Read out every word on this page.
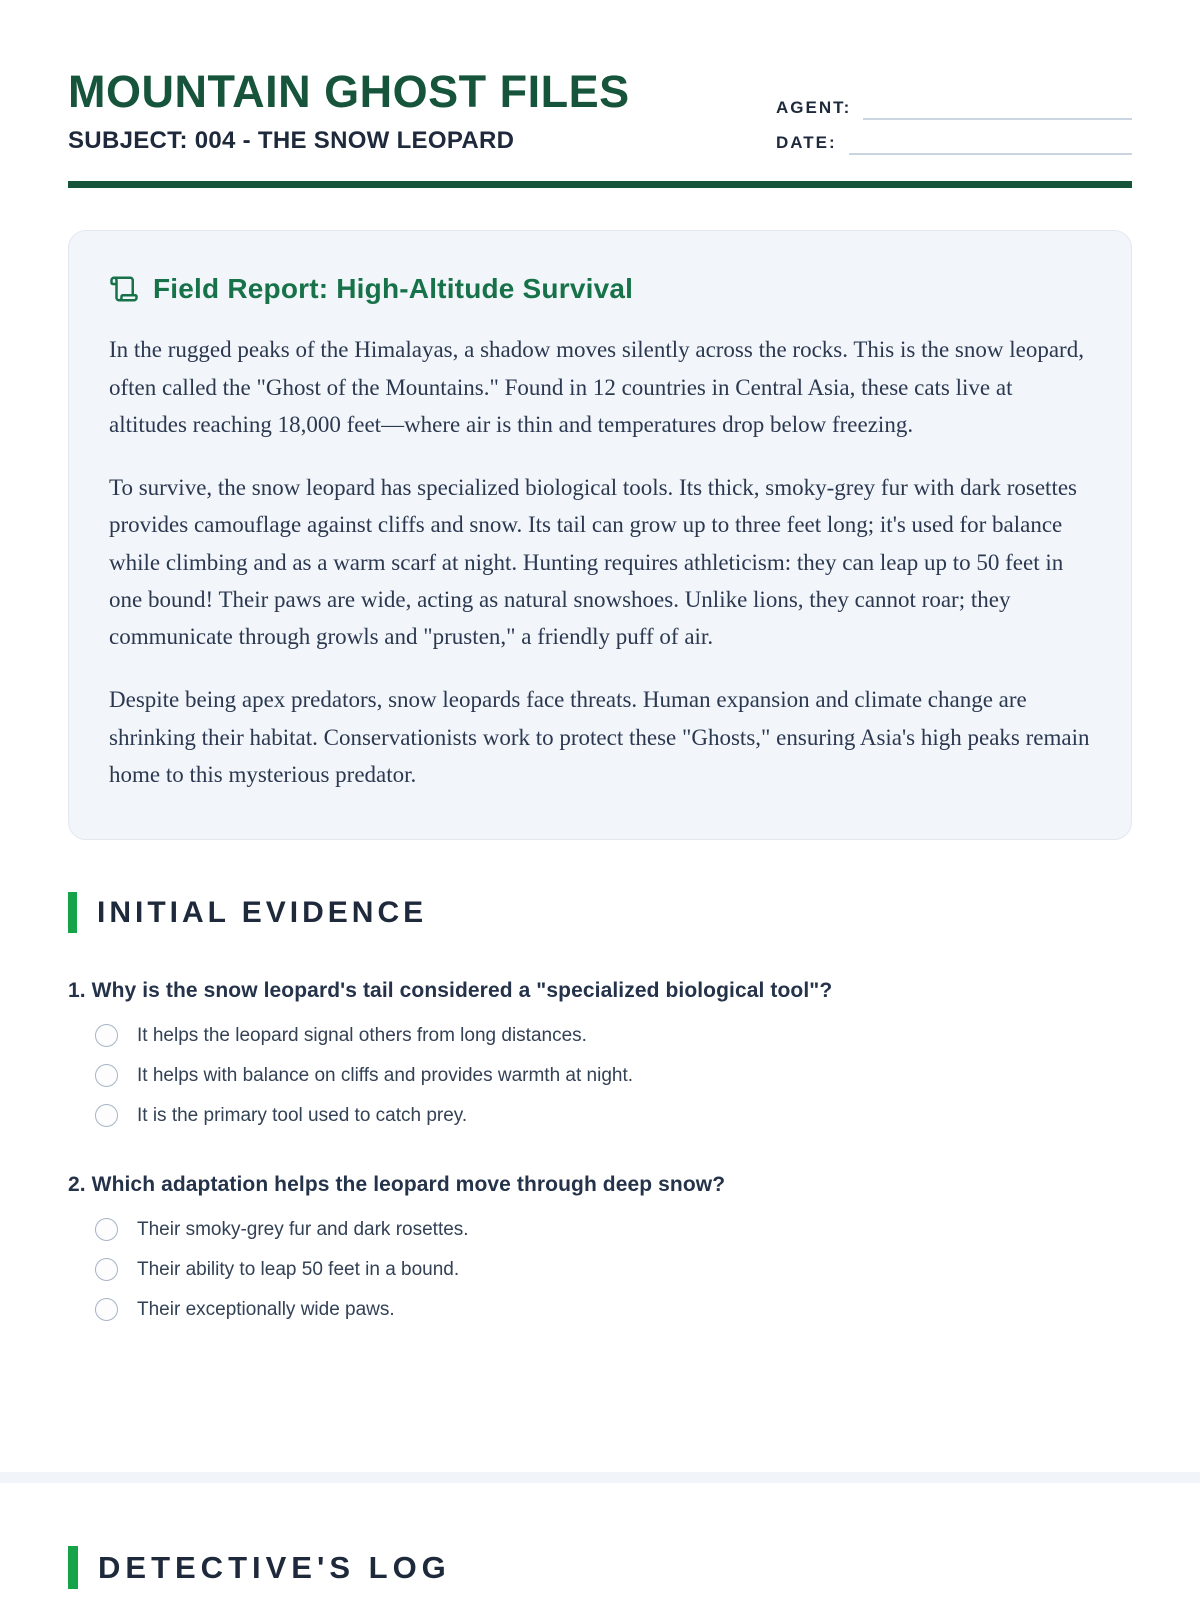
MOUNTAIN GHOST FILES
SUBJECT: 004 - THE SNOW LEOPARD
AGENT:
DATE:
Field Report: High-Altitude Survival

In the rugged peaks of the Himalayas, a shadow moves silently across the rocks. This is the snow leopard, often called the "Ghost of the Mountains." Found in 12 countries in Central Asia, these cats live at altitudes reaching 18,000 feet—where air is thin and temperatures drop below freezing.

To survive, the snow leopard has specialized biological tools. Its thick, smoky-grey fur with dark rosettes provides camouflage against cliffs and snow. Its tail can grow up to three feet long; it's used for balance while climbing and as a warm scarf at night. Hunting requires athleticism: they can leap up to 50 feet in one bound! Their paws are wide, acting as natural snowshoes. Unlike lions, they cannot roar; they communicate through growls and "prusten," a friendly puff of air.

Despite being apex predators, snow leopards face threats. Human expansion and climate change are shrinking their habitat. Conservationists work to protect these "Ghosts," ensuring Asia's high peaks remain home to this mysterious predator.

INITIAL EVIDENCE
1. Why is the snow leopard's tail considered a "specialized biological tool"?
It helps the leopard signal others from long distances.
It helps with balance on cliffs and provides warmth at night.
It is the primary tool used to catch prey.
2. Which adaptation helps the leopard move through deep snow?
Their smoky-grey fur and dark rosettes.
Their ability to leap 50 feet in a bound.
Their exceptionally wide paws.
DETECTIVE'S LOG
